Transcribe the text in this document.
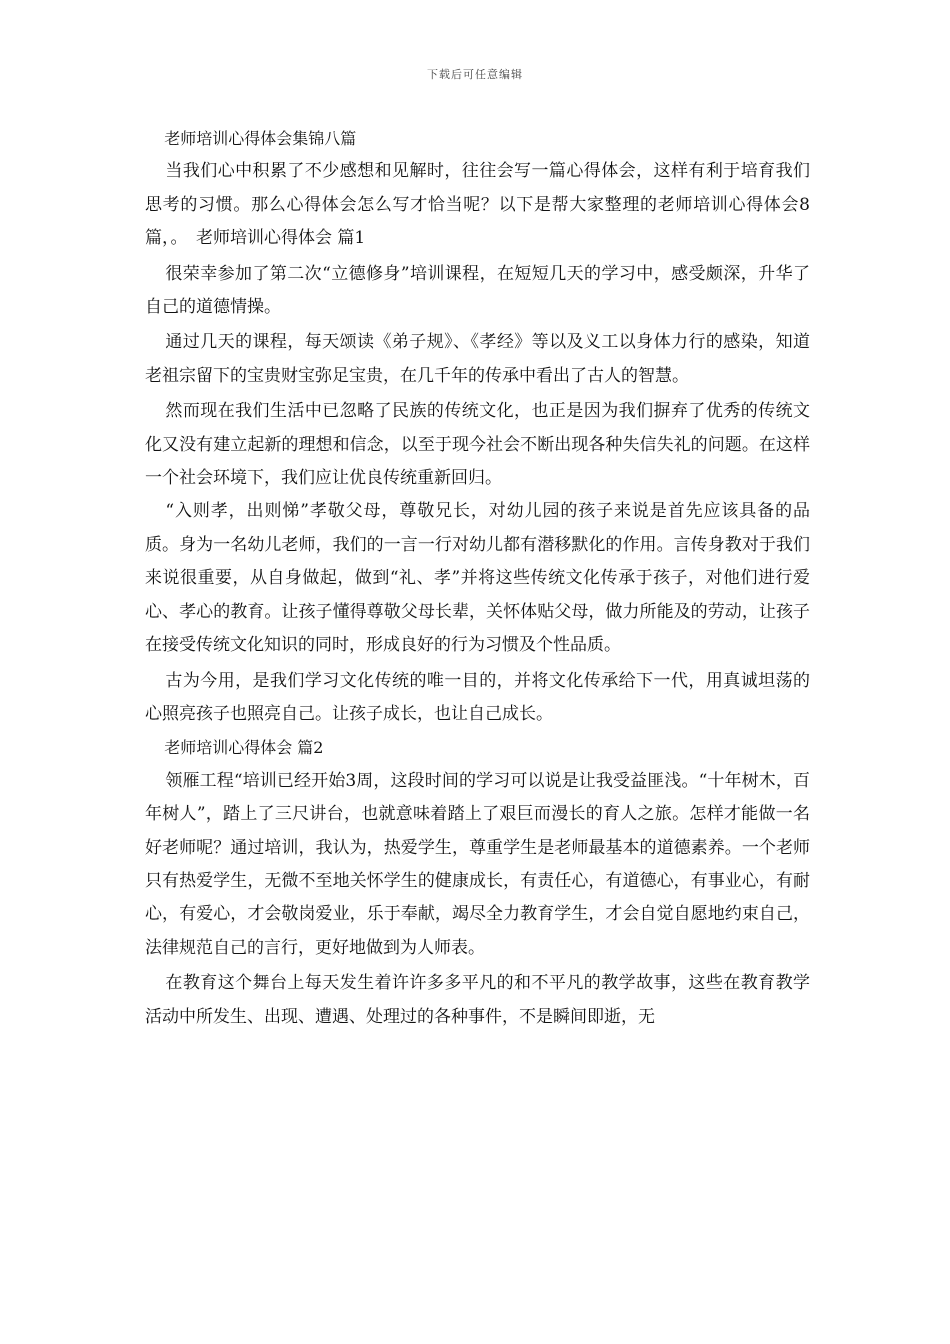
下载后可任意编辑

老师培训心得体会集锦八篇

当我们心中积累了不少感想和见解时，往往会写一篇心得体会，这样有利于培育我们思考的习惯。那么心得体会怎么写才恰当呢？以下是帮大家整理的老师培训心得体会8篇，。　老师培训心得体会 篇1

很荣幸参加了第二次“立德修身”培训课程，在短短几天的学习中，感受颇深，升华了自己的道德情操。

通过几天的课程，每天颂读《弟子规》、《孝经》等以及义工以身体力行的感染，知道老祖宗留下的宝贵财宝弥足宝贵，在几千年的传承中看出了古人的智慧。

然而现在我们生活中已忽略了民族的传统文化，也正是因为我们摒弃了优秀的传统文化又没有建立起新的理想和信念，以至于现今社会不断出现各种失信失礼的问题。在这样一个社会环境下，我们应让优良传统重新回归。

“入则孝，出则悌”孝敬父母，尊敬兄长，对幼儿园的孩子来说是首先应该具备的品质。身为一名幼儿老师，我们的一言一行对幼儿都有潜移默化的作用。言传身教对于我们来说很重要，从自身做起，做到“礼、孝”并将这些传统文化传承于孩子，对他们进行爱心、孝心的教育。让孩子懂得尊敬父母长辈，关怀体贴父母，做力所能及的劳动，让孩子在接受传统文化知识的同时，形成良好的行为习惯及个性品质。

古为今用，是我们学习文化传统的唯一目的，并将文化传承给下一代，用真诚坦荡的心照亮孩子也照亮自己。让孩子成长，也让自己成长。

老师培训心得体会 篇2

领雁工程“培训已经开始3周，这段时间的学习可以说是让我受益匪浅。“十年树木，百年树人”，踏上了三尺讲台，也就意味着踏上了艰巨而漫长的育人之旅。怎样才能做一名好老师呢？通过培训，我认为，热爱学生，尊重学生是老师最基本的道德素养。一个老师只有热爱学生，无微不至地关怀学生的健康成长，有责任心，有道德心，有事业心，有耐心，有爱心，才会敬岗爱业，乐于奉献，竭尽全力教育学生，才会自觉自愿地约束自己，法律规范自己的言行，更好地做到为人师表。

在教育这个舞台上每天发生着许许多多平凡的和不平凡的教学故事，这些在教育教学活动中所发生、出现、遭遇、处理过的各种事件，不是瞬间即逝，无
